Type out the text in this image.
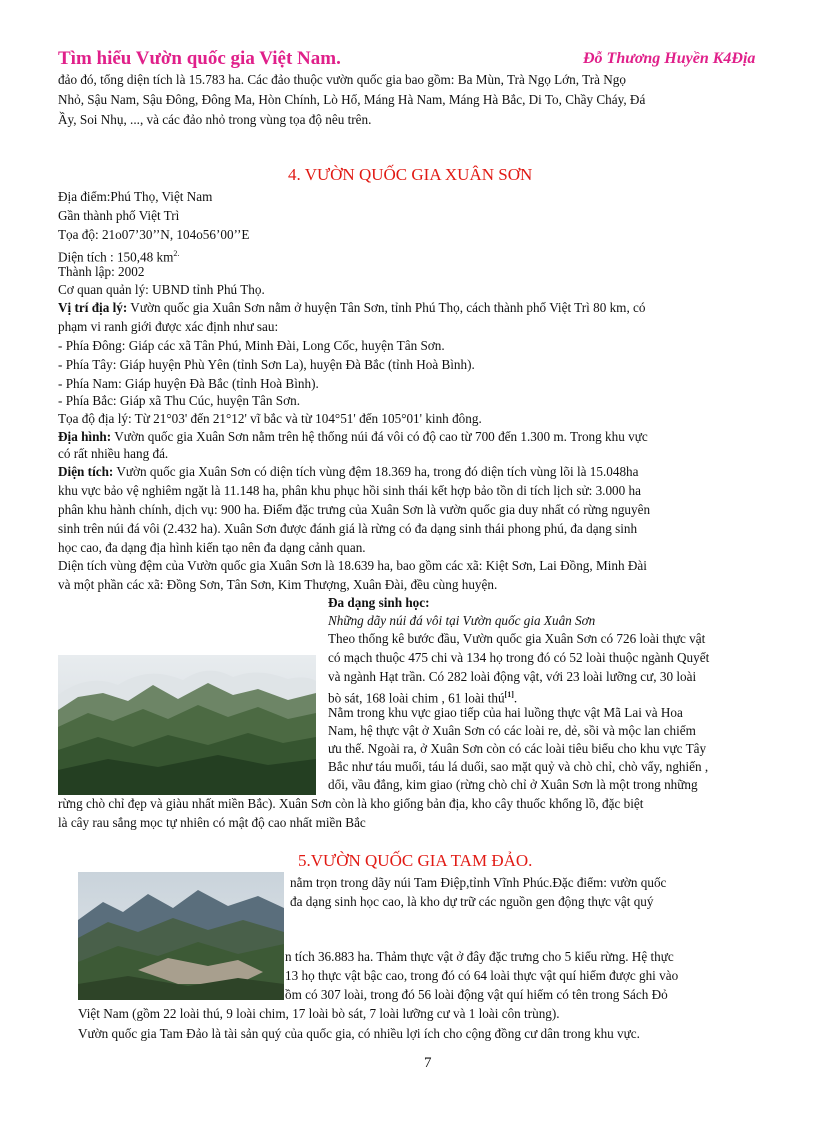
Tìm hiểu Vườn quốc gia Việt Nam.	Đỗ Thương Huyền K4Địa
đảo đó, tổng diện tích là 15.783 ha. Các đảo thuộc vườn quốc gia bao gồm: Ba Mùn, Trà Ngọ Lớn, Trà Ngọ
Nhỏ, Sậu Nam, Sậu Đông, Đông Ma, Hòn Chính, Lò Hố, Máng Hà Nam, Máng Hà Bắc, Di To, Chầy Cháy, Đá
Ầy, Soi Nhụ, ..., và các đảo nhỏ trong vùng tọa độ nêu trên.
4. VƯỜN QUỐC GIA XUÂN SƠN
Địa điểm:Phú Thọ, Việt Nam
Gần thành phố Việt Trì
Tọa độ: 21o07’30’’N, 104o56’00’’E
Diện tích : 150,48 $km^{2.}$
Thành lập: 2002
Cơ quan quản lý: UBND tỉnh Phú Thọ.
Vị trí địa lý: Vườn quốc gia Xuân Sơn nằm ở huyện Tân Sơn, tỉnh Phú Thọ, cách thành phố Việt Trì 80 km, có
phạm vi ranh giới được xác định như sau:
- Phía Đông: Giáp các xã Tân Phú, Minh Đài, Long Cốc, huyện Tân Sơn.
- Phía Tây: Giáp huyện Phù Yên (tỉnh Sơn La), huyện Đà Bắc (tỉnh Hoà Bình).
- Phía Nam: Giáp huyện Đà Bắc (tỉnh Hoà Bình).
- Phía Bắc: Giáp xã Thu Cúc, huyện Tân Sơn.
Tọa độ địa lý: Từ 21°03' đến 21°12' vĩ bắc và từ 104°51' đến 105°01' kinh đông.
Địa hình: Vườn quốc gia Xuân Sơn nằm trên hệ thống núi đá vôi có độ cao từ 700 đến 1.300 m. Trong khu vực
có rất nhiều hang đá.
Diện tích: Vườn quốc gia Xuân Sơn có diện tích vùng đệm 18.369 ha, trong đó diện tích vùng lõi là 15.048ha
khu vực bảo vệ nghiêm ngặt là 11.148 ha, phân khu phục hồi sinh thái kết hợp bảo tồn di tích lịch sử: 3.000 ha
phân khu hành chính, dịch vụ: 900 ha. Điểm đặc trưng của Xuân Sơn là vườn quốc gia duy nhất có rừng nguyên
sinh trên núi đá vôi (2.432 ha). Xuân Sơn được đánh giá là rừng có đa dạng sinh thái phong phú, đa dạng sinh
học cao, đa dạng địa hình kiến tạo nên đa dạng cảnh quan.
Diện tích vùng đệm của Vườn quốc gia Xuân Sơn là 18.639 ha, bao gồm các xã: Kiệt Sơn, Lai Đồng, Minh Đài
và một phần các xã: Đồng Sơn, Tân Sơn, Kim Thượng, Xuân Đài, đều cùng huyện.
Đa dạng sinh học:
Những dãy núi đá vôi tại Vườn quốc gia Xuân Sơn
Theo thống kê bước đầu, Vườn quốc gia Xuân Sơn có 726 loài thực vật
có mạch thuộc 475 chi và 134 họ trong đó có 52 loài thuộc ngành Quyết
và ngành Hạt trần. Có 282 loài động vật, với 23 loài lưỡng cư, 30 loài
bò sát, 168 loài chim , 61 loài thú[1].
Nằm trong khu vực giao tiếp của hai luồng thực vật Mã Lai và Hoa
Nam, hệ thực vật ở Xuân Sơn có các loài re, dẻ, sồi và mộc lan chiếm
ưu thế. Ngoài ra, ở Xuân Sơn còn có các loài tiêu biểu cho khu vực Tây
Bắc như táu muối, táu lá duối, sao mặt quỷ và chò chỉ, chò vẩy, nghiến ,
dổi, vầu đắng, kim giao (rừng chò chỉ ở Xuân Sơn là một trong những
rừng chò chỉ đẹp và giàu nhất miền Bắc). Xuân Sơn còn là kho giống bản địa, kho cây thuốc khổng lồ, đặc biệt
là cây rau sắng mọc tự nhiên có mật độ cao nhất miền Bắc
5.VƯỜN QUỐC GIA TAM ĐẢO.
nằm trọn trong dãy núi Tam Điệp,tỉnh Vĩnh Phúc.Đặc điểm: vườn quốc
đa dạng sinh học cao, là kho dự trữ các nguồn gen động thực vật quý
n tích 36.883 ha. Thảm thực vật ở đây đặc trưng cho 5 kiểu rừng. Hệ thực
13 họ thực vật bậc cao, trong đó có 64 loài thực vật quí hiếm được ghi vào
ồm có 307 loài, trong đó 56 loài động vật quí hiếm có tên trong Sách Đỏ
Việt Nam (gồm 22 loài thú, 9 loài chim, 17 loài bò sát, 7 loài lưỡng cư và 1 loài côn trùng).
Vườn quốc gia Tam Đảo là tài sản quý của quốc gia, có nhiều lợi ích cho cộng đồng cư dân trong khu vực.
7
